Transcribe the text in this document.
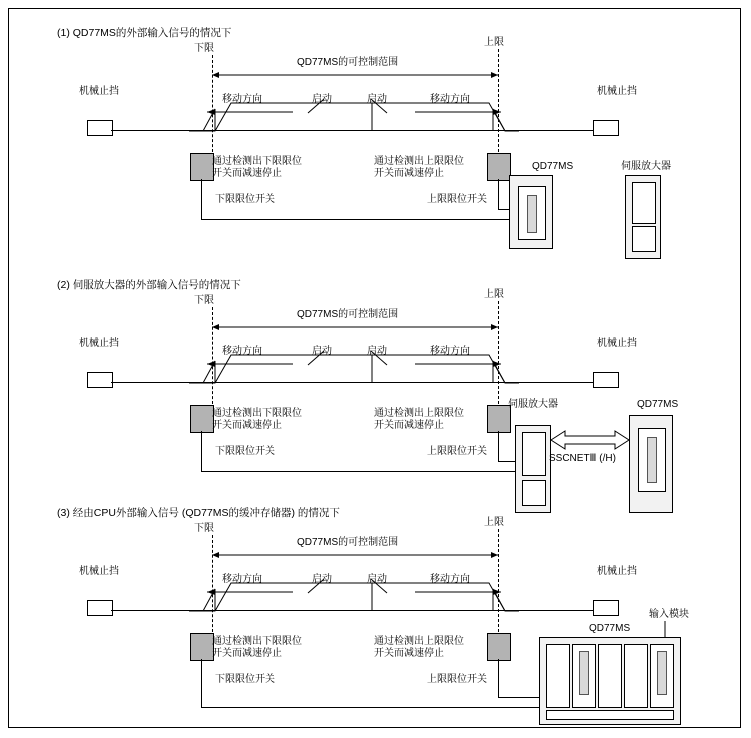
(1) QD77MS的外部输入信号的情况下
下限
上限
QD77MS的可控制范围
移动方向	移动方向
启动	启动
机械止挡	机械止挡
通过检测出下限限位
开关而减速停止
通过检测出上限限位
开关而减速停止
下限限位开关	上限限位开关
QD77MS	伺服放大器
(2) 伺服放大器的外部输入信号的情况下
下限
上限
QD77MS的可控制范围
移动方向	移动方向
启动	启动
机械止挡	机械止挡
通过检测出下限限位
开关而减速停止
通过检测出上限限位
开关而减速停止
下限限位开关	上限限位开关
伺服放大器
SSCNETⅢ (/H)
QD77MS
(3) 经由CPU外部输入信号 (QD77MS的缓冲存储器) 的情况下
下限
上限
QD77MS的可控制范围
移动方向	移动方向
启动	启动
机械止挡	机械止挡
通过检测出下限限位
开关而减速停止
通过检测出上限限位
开关而减速停止
下限限位开关	上限限位开关
QD77MS
输入模块
